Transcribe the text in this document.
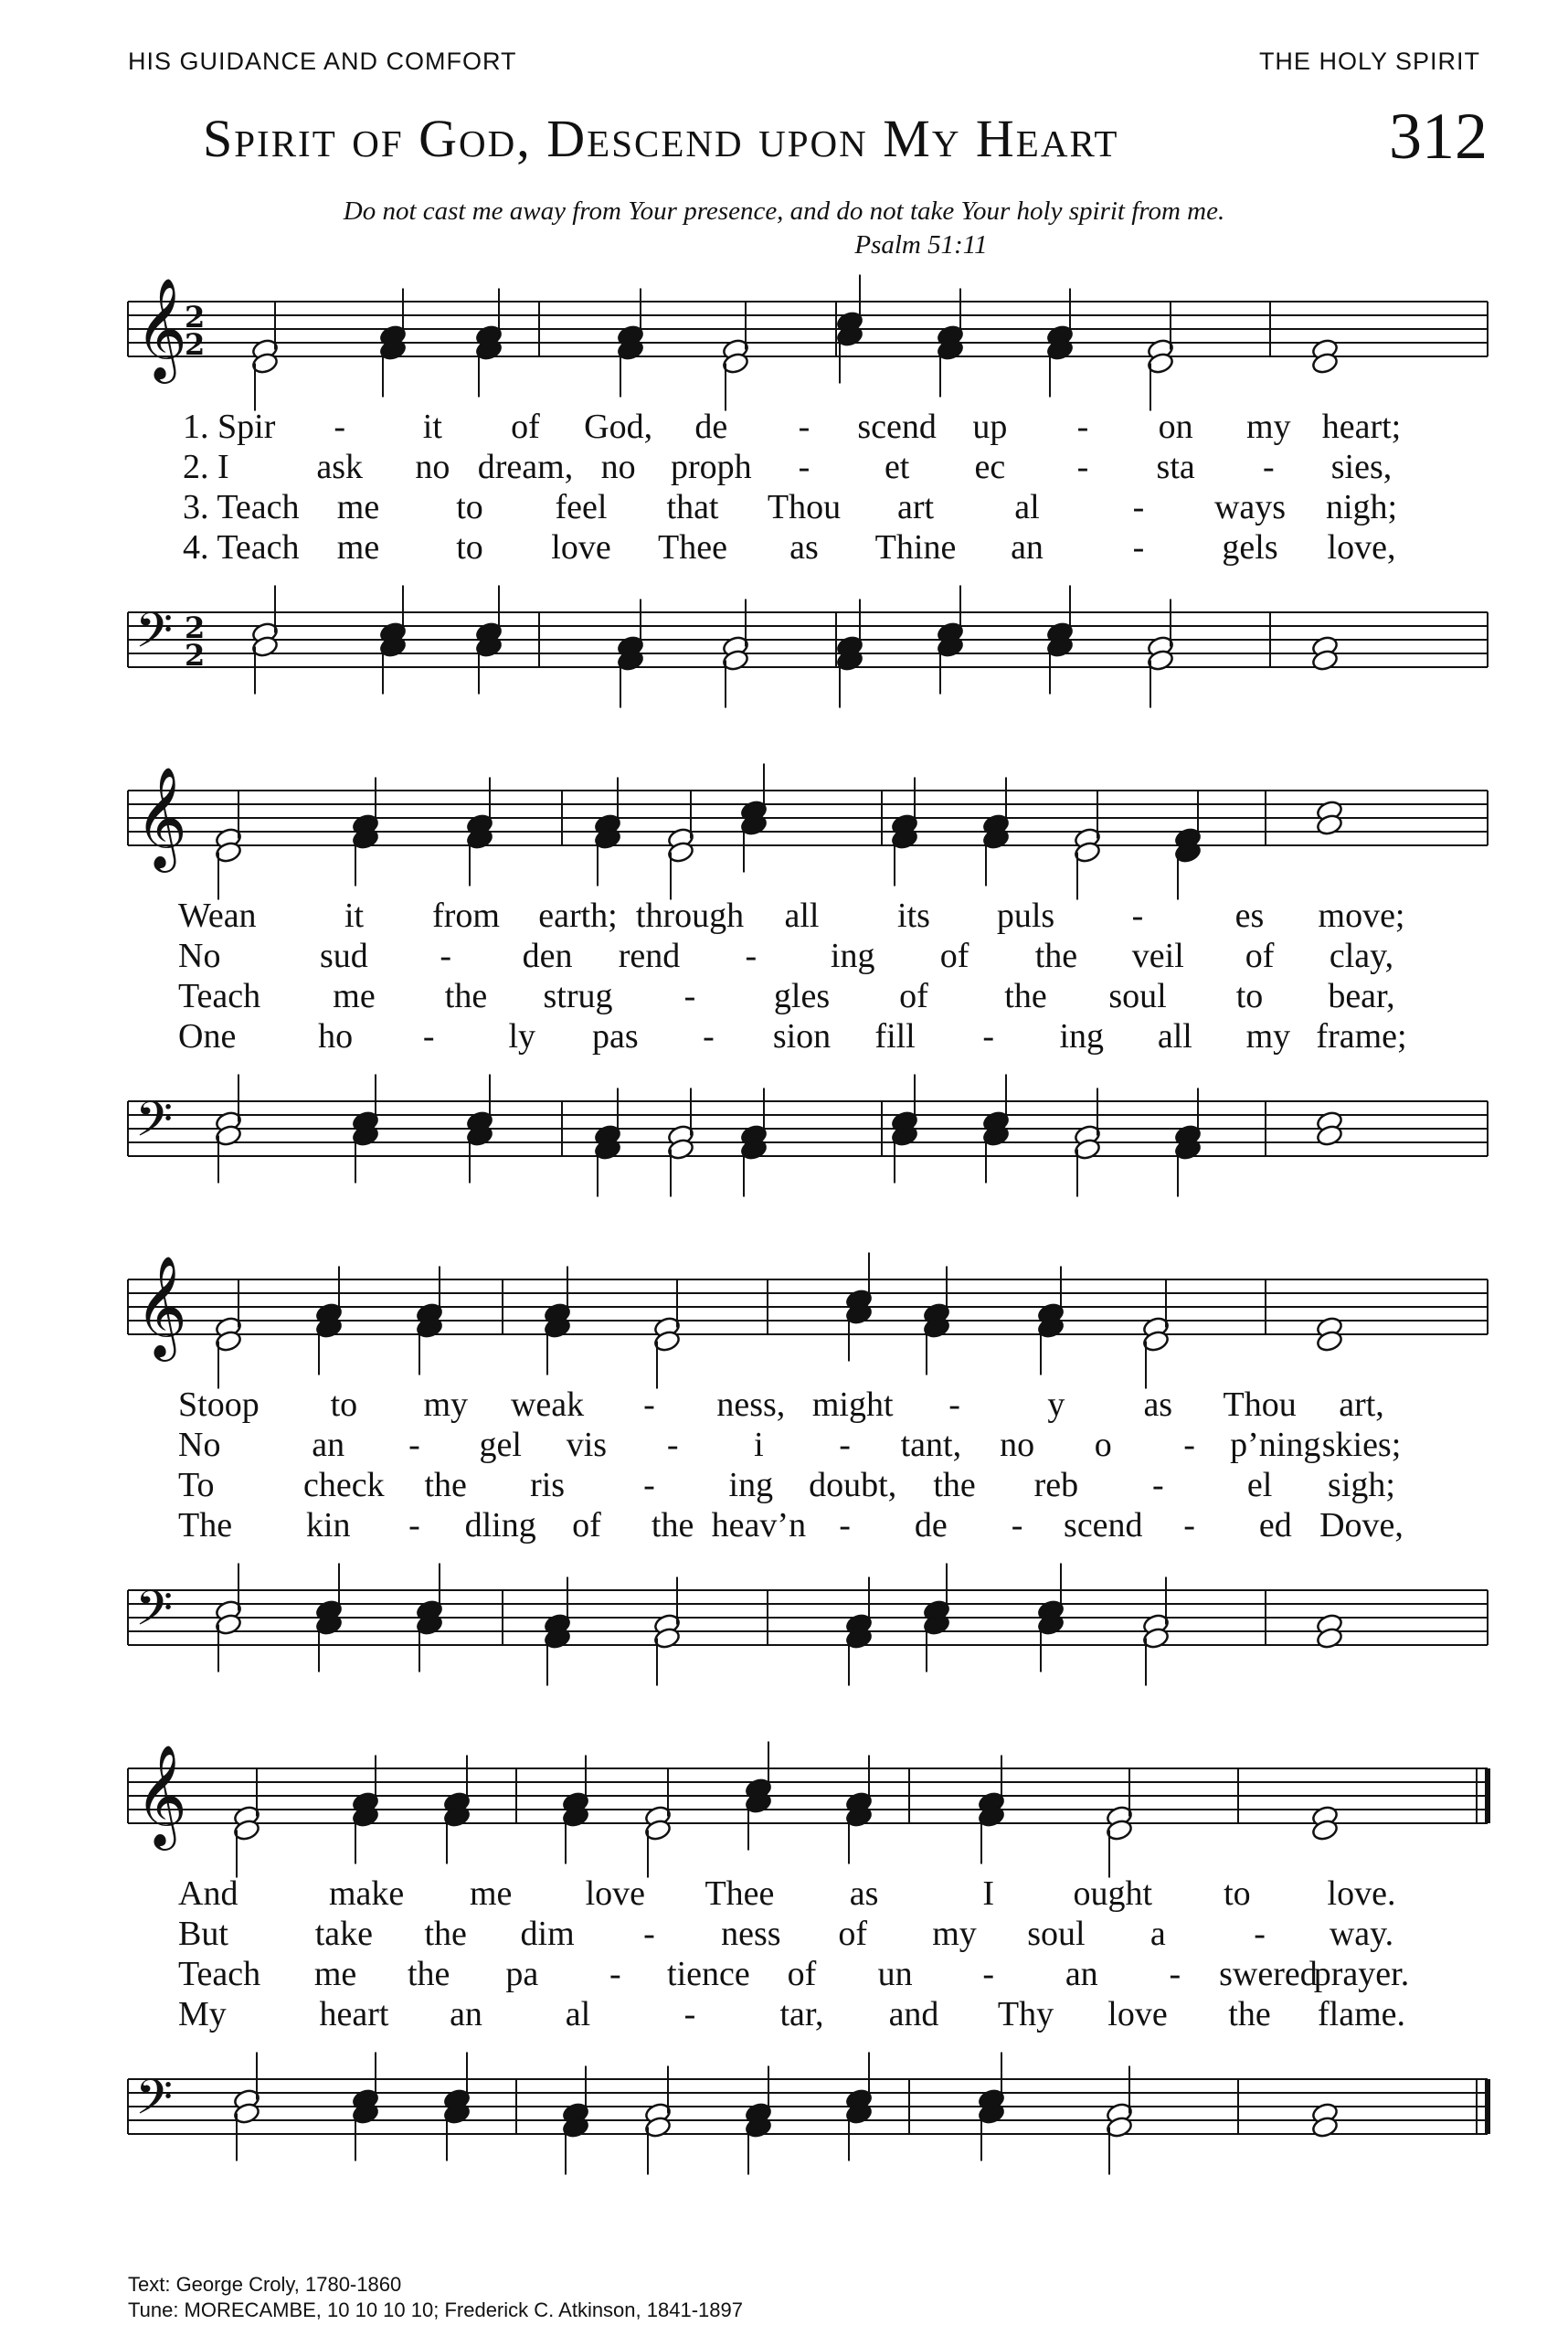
HIS GUIDANCE AND COMFORT	THE HOLY SPIRIT
Spirit of God, Descend upon My Heart	312
Do not cast me away from Your presence, and do not take Your holy spirit from me.
Psalm 51:11
𝄞
2
2
𝄢 2
2
1. Spir - it of God, de - scend up - on my heart;
2. I	ask no dream, no proph - et ec - sta - sies,
3. Teach me to feel that Thou art al	- ways nigh;
4. Teach me to love Thee as Thine an	- gels love,
𝄞
𝄢
Wean	it from earth; through all its puls -	es move;
No	sud - den rend - ing of the veil of clay,
Teach me the strug - gles of the soul to bear,
One ho - ly pas - sion fill - ing all my frame;
𝄞
𝄢
Stoop to my weak - ness, might -	y as Thou art,
No	an - gel vis - i - tant, no o - p’ning skies;
To	check the ris - ing doubt, the reb - el sigh;
The kin - dling of the heav’n - de - scend - ed Dove,
𝄞
𝄢
And	make me love Thee as	I ought to love.
But take the dim - ness of my soul a	- way.
Teach me the pa - tience of un - an - swered
prayer.
My	heart an al	- tar, and Thy love the flame.
Text: George Croly, 1780-1860
Tune: MORECAMBE, 10 10 10 10; Frederick C. Atkinson, 1841-1897
